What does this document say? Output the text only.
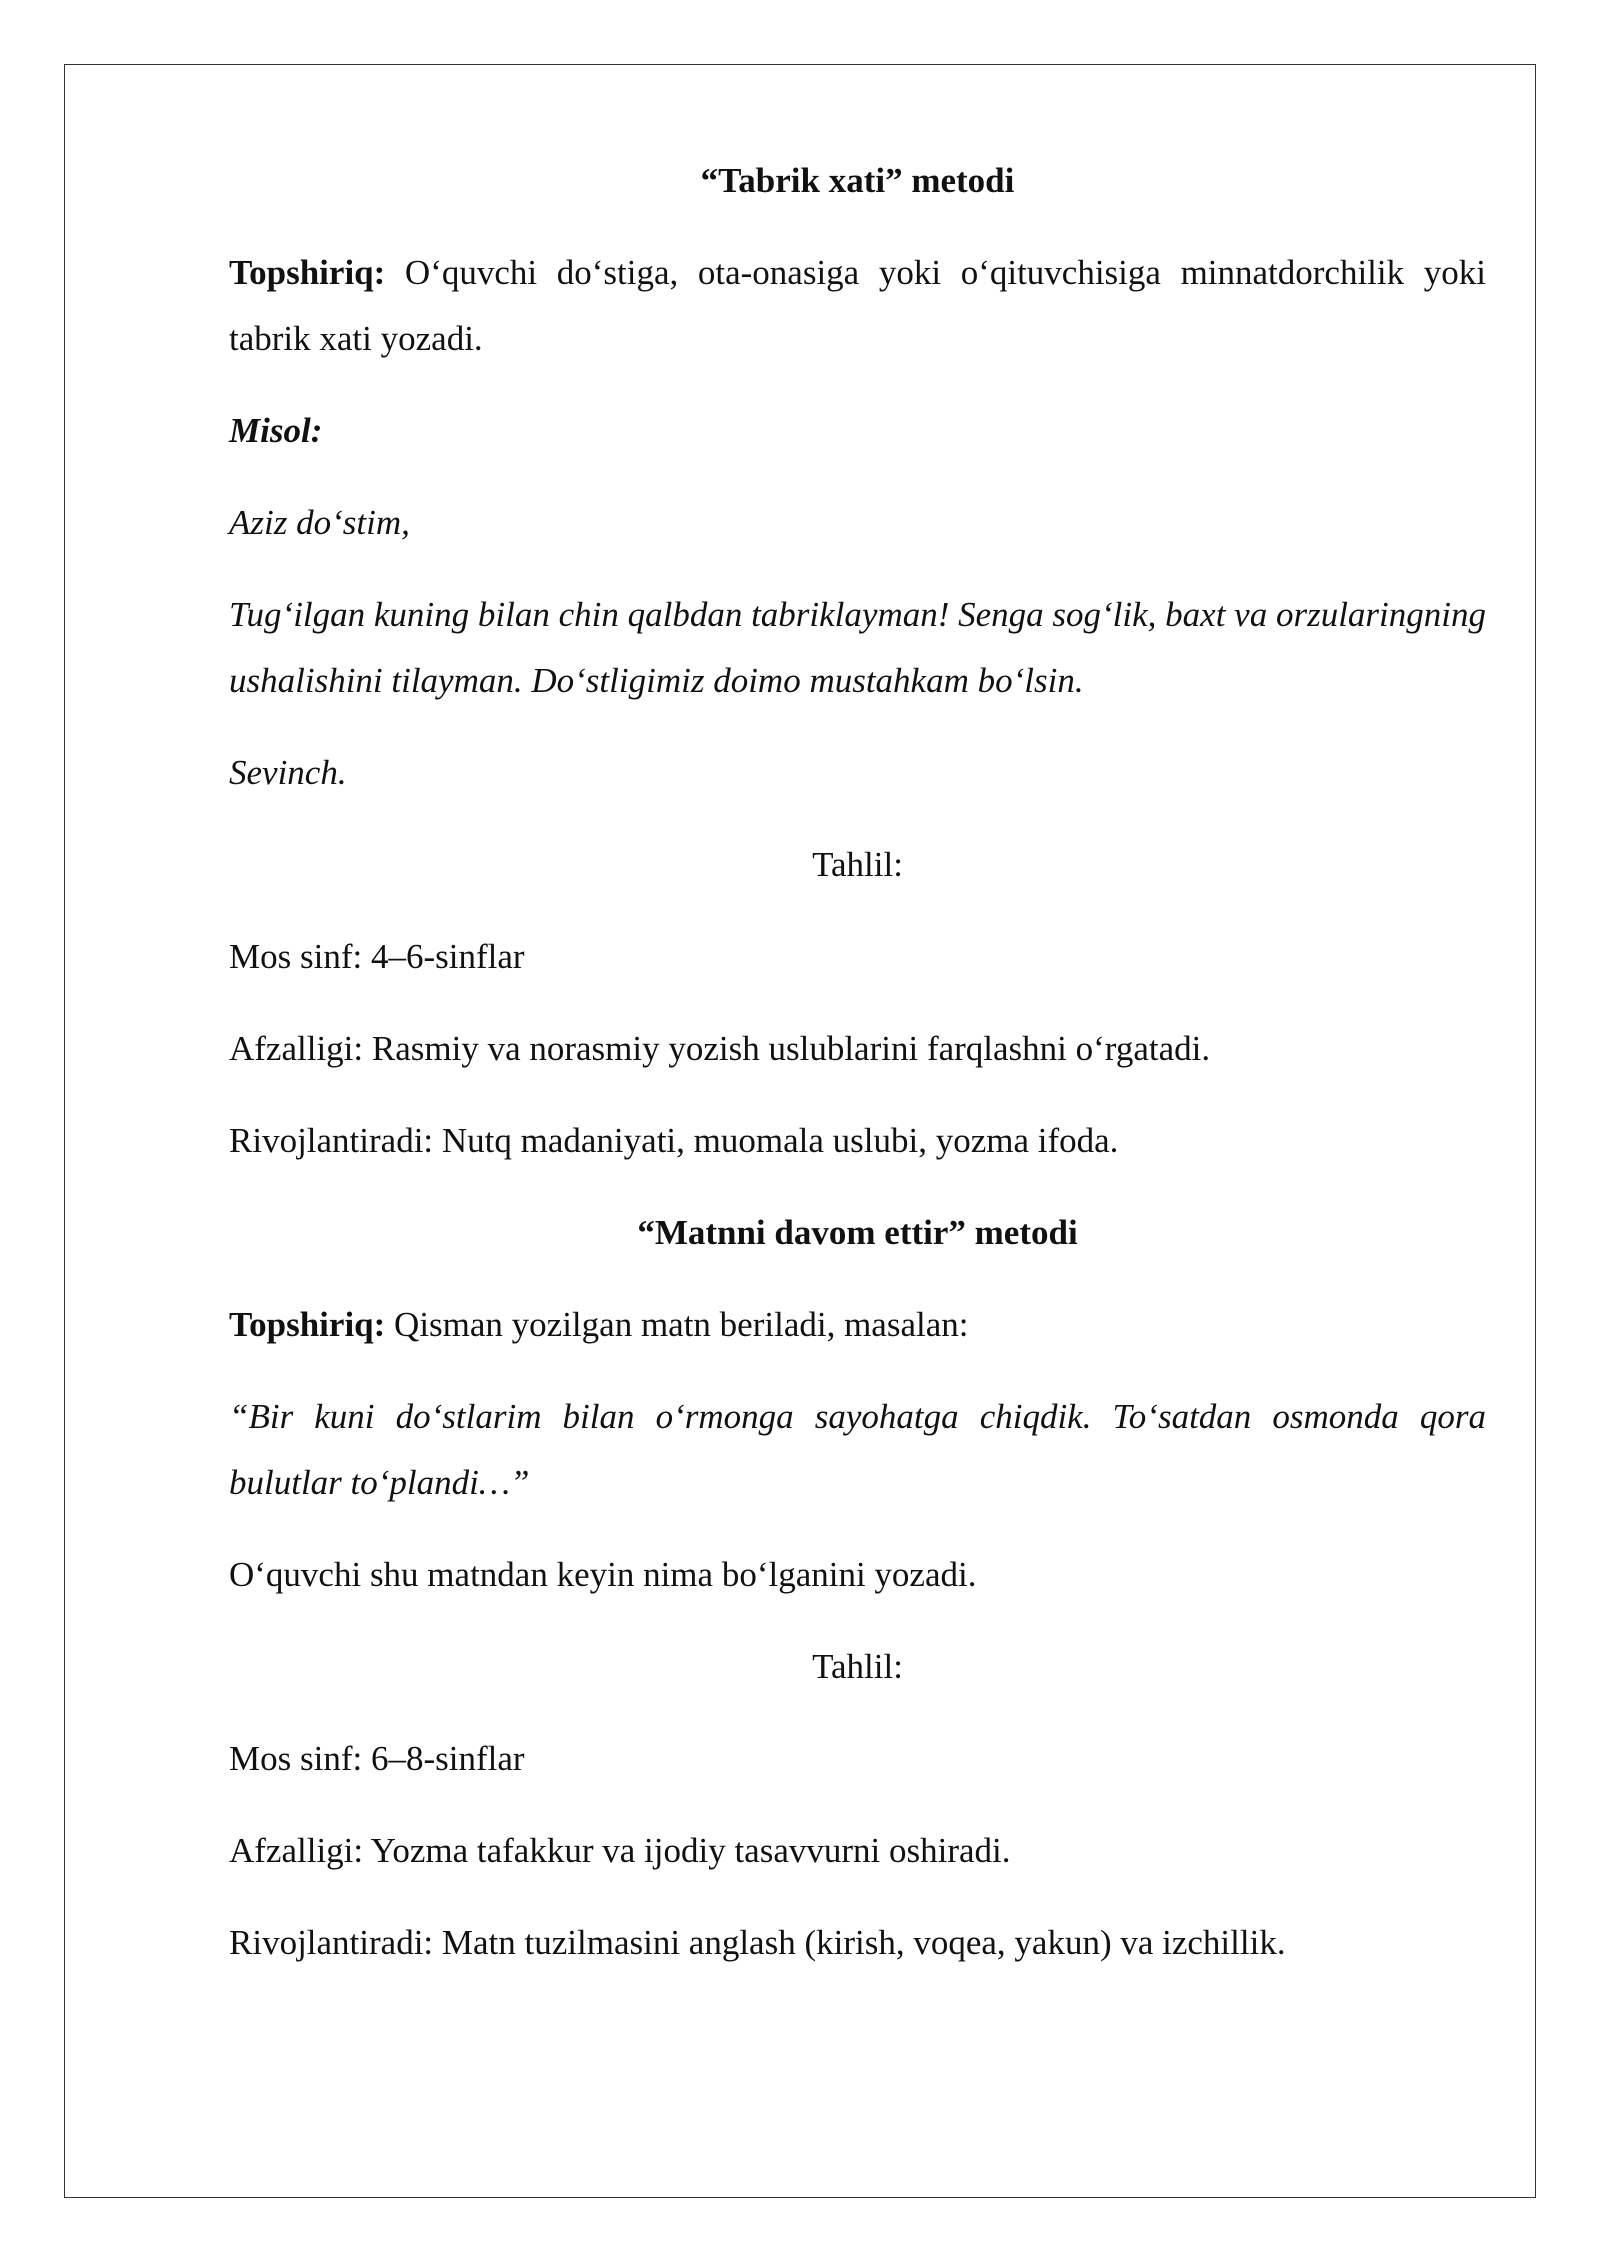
“Tabrik xati” metodi

Topshiriq: O‘quvchi do‘stiga, ota-onasiga yoki o‘qituvchisiga minnatdorchilik yoki tabrik xati yozadi.

Misol:

Aziz do‘stim,

Tug‘ilgan kuning bilan chin qalbdan tabriklayman! Senga sog‘lik, baxt va orzularingning ushalishini tilayman. Do‘stligimiz doimo mustahkam bo‘lsin.

Sevinch.

Tahlil:

Mos sinf: 4–6-sinflar

Afzalligi: Rasmiy va norasmiy yozish uslublarini farqlashni o‘rgatadi.

Rivojlantiradi: Nutq madaniyati, muomala uslubi, yozma ifoda.

“Matnni davom ettir” metodi

Topshiriq: Qisman yozilgan matn beriladi, masalan:

“Bir kuni do‘stlarim bilan o‘rmonga sayohatga chiqdik. To‘satdan osmonda qora bulutlar to‘plandi…”

O‘quvchi shu matndan keyin nima bo‘lganini yozadi.

Tahlil:

Mos sinf: 6–8-sinflar

Afzalligi: Yozma tafakkur va ijodiy tasavvurni oshiradi.

Rivojlantiradi: Matn tuzilmasini anglash (kirish, voqea, yakun) va izchillik.
